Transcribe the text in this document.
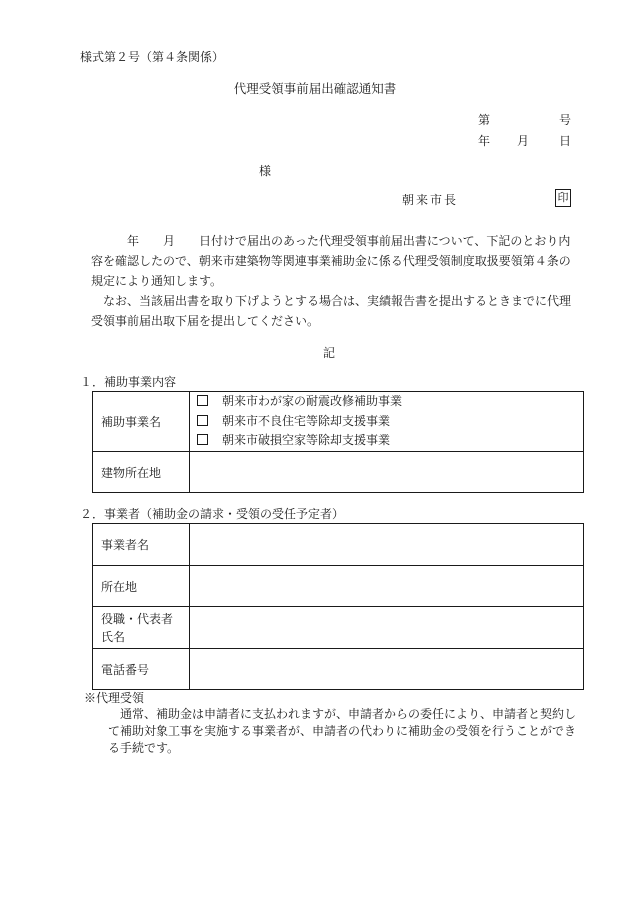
様式第２号（第４条関係）
代理受領事前届出確認通知書
第	号
年 月 日
様
朝来市長	印
　　　年　　月　　日付けで届出のあった代理受領事前届出書について、下記のとおり内容を確認したので、朝来市建築物等関連事業補助金に係る代理受領制度取扱要領第４条の規定により通知します。
　なお、当該届出書を取り下げようとする場合は、実績報告書を提出するときまでに代理受領事前届出取下届を提出してください。
記
１．補助事業内容
補助事業名	朝来市わが家の耐震改修補助事業
朝来市不良住宅等除却支援事業
朝来市破損空家等除却支援事業

建物所在地	
２．事業者（補助金の請求・受領の受任予定者）
事業者名	
所在地	
役職・代表者
氏名	
電話番号	
※代理受領
　通常、補助金は申請者に支払われますが、申請者からの委任により、申請者と契約して補助対象工事を実施する事業者が、申請者の代わりに補助金の受領を行うことができる手続です。
